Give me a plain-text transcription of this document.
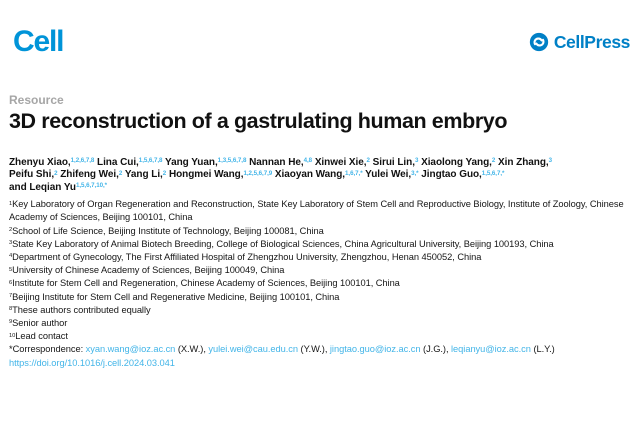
Cell	CellPress
Resource
3D reconstruction of a gastrulating human embryo

Zhenyu Xiao,$^{1,2,6,7,8}$ Lina Cui,$^{1,5,6,7,8}$ Yang Yuan,$^{1,3,5,6,7,8}$ Nannan He,$^{4,8}$ Xinwei Xie,$^2$ Sirui Lin,$^3$ Xiaolong Yang,$^2$ Xin Zhang,$^3$
Peifu Shi,$^2$ Zhifeng Wei,$^2$ Yang Li,$^2$ Hongmei Wang,$^{1,2,5,6,7,9}$ Xiaoyan Wang,$^{1,6,7,*}$ Yulei Wei,$^{3,*}$ Jingtao Guo,$^{1,5,6,7,*}$
and Leqian $Yu^{1,5,6,7,10,*}$

$^1$Key Laboratory of Organ Regeneration and Reconstruction, State Key Laboratory of Stem Cell and Reproductive Biology, Institute of Zoology, Chinese Academy of Sciences, Beijing 100101, China
$^2$School of Life Science, Beijing Institute of Technology, Beijing 100081, China
$^3$State Key Laboratory of Animal Biotech Breeding, College of Biological Sciences, China Agricultural University, Beijing 100193, China
$^4$Department of Gynecology, The First Affiliated Hospital of Zhengzhou University, Zhengzhou, Henan 450052, China
$^5$University of Chinese Academy of Sciences, Beijing 100049, China
$^6$Institute for Stem Cell and Regeneration, Chinese Academy of Sciences, Beijing 100101, China
$^7$Beijing Institute for Stem Cell and Regenerative Medicine, Beijing 100101, China
$^8$These authors contributed equally
$^9$Senior author
$^{10}$Lead contact
*Correspondence: xyan.wang@ioz.ac.cn (X.W.), yulei.wei@cau.edu.cn (Y.W.), jingtao.guo@ioz.ac.cn (J.G.), leqianyu@ioz.ac.cn (L.Y.)
https://doi.org/10.1016/j.cell.2024.03.041
